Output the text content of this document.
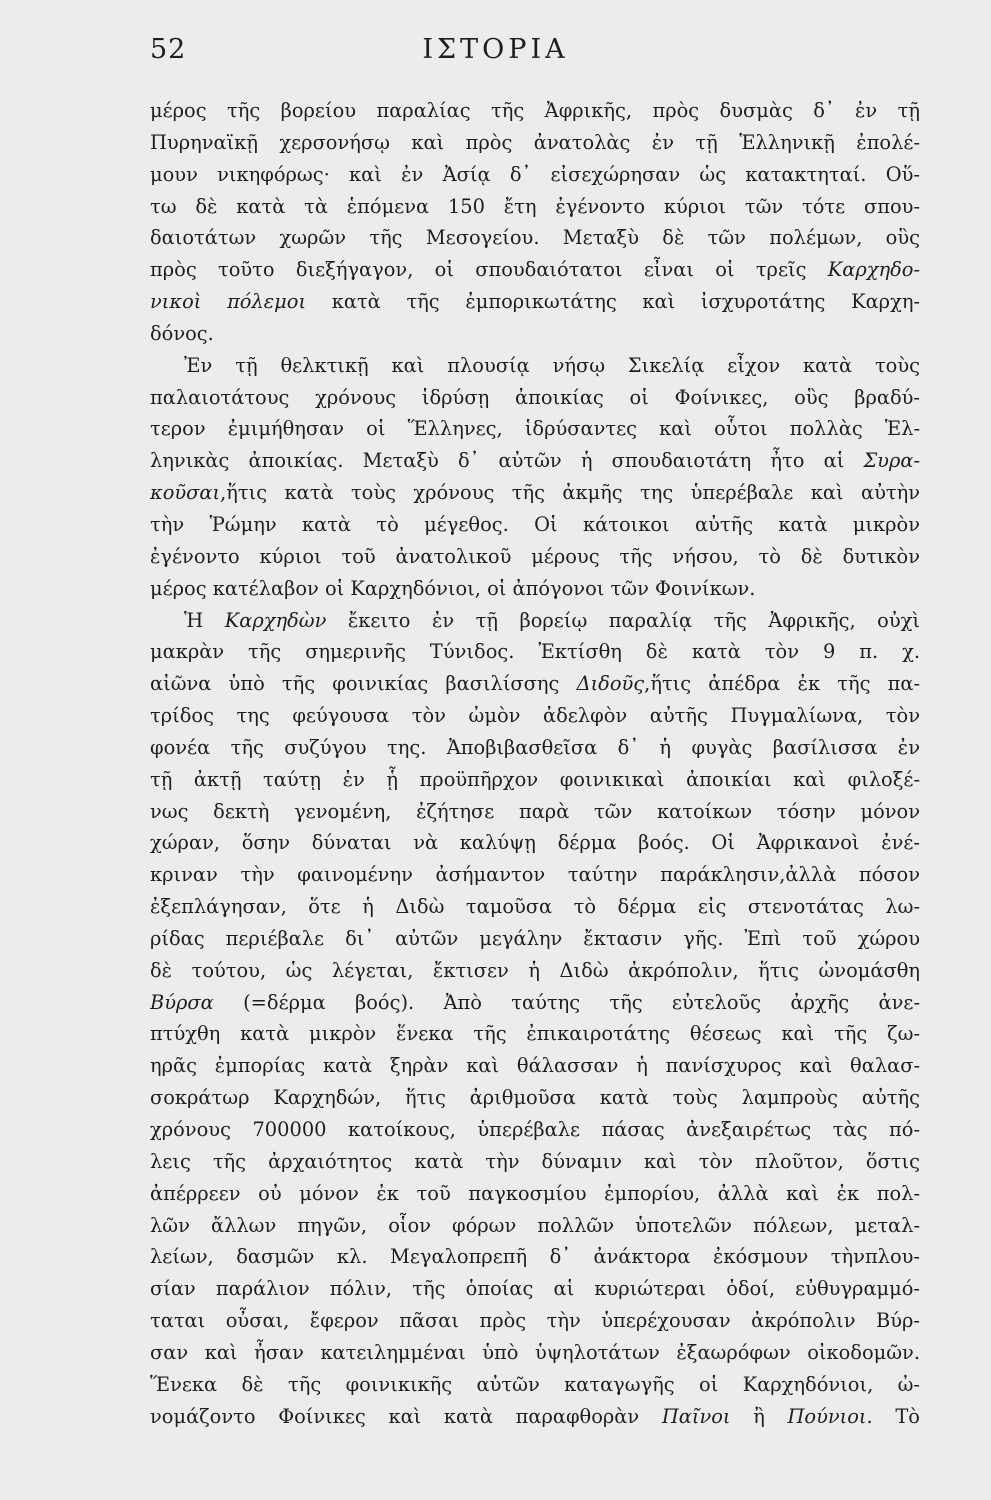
52	ΙΣΤΟΡΙΑ
μέρος τῆς βορείου παραλίας τῆς Ἀφρικῆς, πρὸς δυσμὰς δ᾽ ἐν τῇ
Πυρηναϊκῇ χερσονήσῳ καὶ πρὸς ἀνατολὰς ἐν τῇ Ἑλληνικῇ ἐπολέ-
μουν νικηφόρως· καὶ ἐν Ἀσίᾳ δ᾽ εἰσεχώρησαν ὡς κατακτηταί. Οὕ-
τω δὲ κατὰ τὰ ἑπόμενα 150 ἔτη ἐγένοντο κύριοι τῶν τότε σπου-
δαιοτάτων χωρῶν τῆς Μεσογείου. Μεταξὺ δὲ τῶν πολέμων, οὓς
πρὸς τοῦτο διεξήγαγον, οἱ σπουδαιότατοι εἶναι οἱ τρεῖς Καρχηδο-
νικοὶ πόλεμοι κατὰ τῆς ἐμπορικωτάτης καὶ ἰσχυροτάτης Καρχη-
δόνος.
Ἐν τῇ θελκτικῇ καὶ πλουσίᾳ νήσῳ Σικελίᾳ εἶχον κατὰ τοὺς
παλαιοτάτους χρόνους ἱδρύσῃ ἀποικίας οἱ Φοίνικες, οὓς βραδύ-
τερον ἐμιμήθησαν οἱ Ἕλληνες, ἱδρύσαντες καὶ οὗτοι πολλὰς Ἑλ-
ληνικὰς ἀποικίας. Μεταξὺ δ᾽ αὐτῶν ἡ σπουδαιοτάτη ἦτο αἱ Συρα-
κοῦσαι,ἥτις κατὰ τοὺς χρόνους τῆς ἀκμῆς της ὑπερέβαλε καὶ αὐτὴν
τὴν Ῥώμην κατὰ τὸ μέγεθος. Οἱ κάτοικοι αὐτῆς κατὰ μικρὸν
ἐγένοντο κύριοι τοῦ ἀνατολικοῦ μέρους τῆς νήσου, τὸ δὲ δυτικὸν
μέρος κατέλαβον οἱ Καρχηδόνιοι, οἱ ἀπόγονοι τῶν Φοινίκων.
Ἡ Καρχηδὼν ἔκειτο ἐν τῇ βορείῳ παραλίᾳ τῆς Ἀφρικῆς, οὐχὶ
μακρὰν τῆς σημερινῆς Τύνιδος. Ἐκτίσθη δὲ κατὰ τὸν 9 π. χ.
αἰῶνα ὑπὸ τῆς φοινικίας βασιλίσσης Διδοῦς,ἥτις ἀπέδρα ἐκ τῆς πα-
τρίδος της φεύγουσα τὸν ὠμὸν ἀδελφὸν αὐτῆς Πυγμαλίωνα, τὸν
φονέα τῆς συζύγου της. Ἀποβιβασθεῖσα δ᾽ ἡ φυγὰς βασίλισσα ἐν
τῇ ἀκτῇ ταύτῃ ἐν ᾗ προϋπῆρχον φοινικικαὶ ἀποικίαι καὶ φιλοξέ-
νως δεκτὴ γενομένη, ἐζήτησε παρὰ τῶν κατοίκων τόσην μόνον
χώραν, ὅσην δύναται νὰ καλύψῃ δέρμα βοός. Οἱ Ἀφρικανοὶ ἐνέ-
κριναν τὴν φαινομένην ἀσήμαντον ταύτην παράκλησιν,ἀλλὰ πόσον
ἐξεπλάγησαν, ὅτε ἡ Διδὼ ταμοῦσα τὸ δέρμα εἰς στενοτάτας λω-
ρίδας περιέβαλε δι᾽ αὐτῶν μεγάλην ἔκτασιν γῆς. Ἐπὶ τοῦ χώρου
δὲ τούτου, ὡς λέγεται, ἔκτισεν ἡ Διδὼ ἀκρόπολιν, ἥτις ὠνομάσθη
Βύρσα (=δέρμα βοός). Ἀπὸ ταύτης τῆς εὐτελοῦς ἀρχῆς ἀνε-
πτύχθη κατὰ μικρὸν ἕνεκα τῆς ἐπικαιροτάτης θέσεως καὶ τῆς ζω-
ηρᾶς ἐμπορίας κατὰ ξηρὰν καὶ θάλασσαν ἡ πανίσχυρος καὶ θαλασ-
σοκράτωρ Καρχηδών, ἥτις ἀριθμοῦσα κατὰ τοὺς λαμπροὺς αὐτῆς
χρόνους 700000 κατοίκους, ὑπερέβαλε πάσας ἀνεξαιρέτως τὰς πό-
λεις τῆς ἀρχαιότητος κατὰ τὴν δύναμιν καὶ τὸν πλοῦτον, ὅστις
ἀπέρρεεν οὐ μόνον ἐκ τοῦ παγκοσμίου ἐμπορίου, ἀλλὰ καὶ ἐκ πολ-
λῶν ἄλλων πηγῶν, οἷον φόρων πολλῶν ὑποτελῶν πόλεων, μεταλ-
λείων, δασμῶν κλ. Μεγαλοπρεπῆ δ᾽ ἀνάκτορα ἐκόσμουν τὴνπλου-
σίαν παράλιον πόλιν, τῆς ὁποίας αἱ κυριώτεραι ὁδοί, εὐθυγραμμό-
ταται οὖσαι, ἔφερον πᾶσαι πρὸς τὴν ὑπερέχουσαν ἀκρόπολιν Βύρ-
σαν καὶ ἦσαν κατειλημμέναι ὑπὸ ὑψηλοτάτων ἐξαωρόφων οἰκοδομῶν.
Ἕνεκα δὲ τῆς φοινικικῆς αὐτῶν καταγωγῆς οἱ Καρχηδόνιοι, ὠ-
νομάζοντο Φοίνικες καὶ κατὰ παραφθορὰν Παῖνοι ἢ Πούνιοι. Τὸ
